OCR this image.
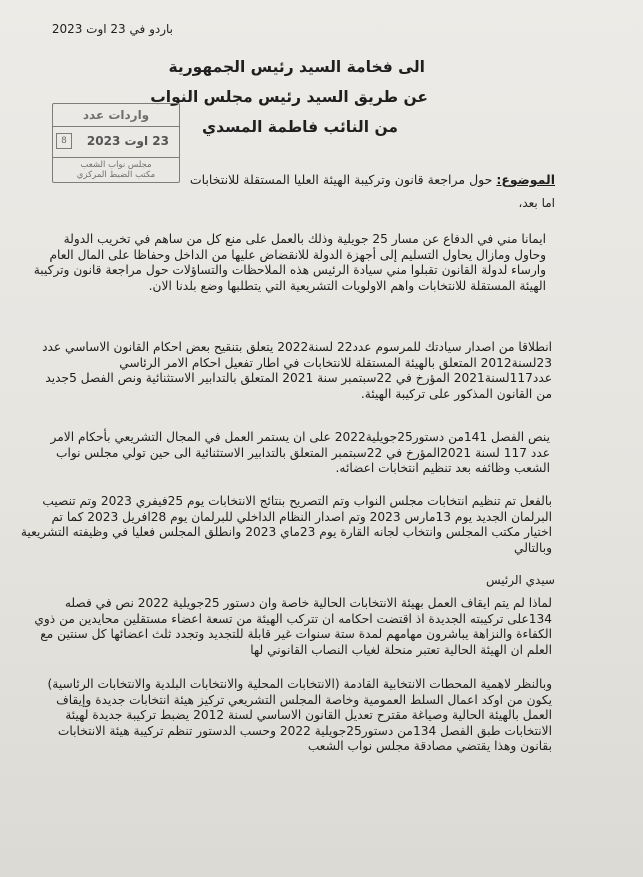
باردو في 23 اوت 2023
الى فخامة السيد رئيس الجمهورية
عن طريق السيد رئيس مجلس النواب
من النائب فاطمة المسدي
واردات عدد
23 اوت 2023
8
مجلس نواب الشعب
مكتب الضبط المركزي	الموضوع: حول مراجعة قانون وتركيبة الهيئة العليا المستقلة للانتخابات
اما بعد،
ايمانا مني في الدفاع عن مسار 25 جويلية وذلك بالعمل على منع كل من ساهم في تخريب الدولة
وحاول ومازال يحاول التسليم إلى أجهزة الدولة للانقضاض عليها من الداخل وحفاظا على المال العام
وارساء لدولة القانون تقبلوا مني سيادة الرئيس هذه الملاحظات والتساؤلات حول مراجعة قانون وتركيبة
الهيئة المستقلة للانتخابات واهم الاولويات التشريعية التي يتطلبها وضع بلدنا الان.
انطلاقا من اصدار سيادتك للمرسوم عدد22 لسنة2022 يتعلق بتنقيح بعض احكام القانون الاساسي عدد
23لسنة2012 المتعلق بالهيئة المستقلة للانتخابات في اطار تفعيل احكام الامر الرئاسي
عدد117لسنة2021 المؤرخ في 22سبتمبر سنة 2021 المتعلق بالتدابير الاستثنائية ونص الفصل 5جديد
من القانون المذكور على تركيبة الهيئة.
ينص الفصل 141من دستور25جويلية2022 على ان يستمر العمل في المجال التشريعي بأحكام الامر
عدد 117 لسنة 2021المؤرخ في 22سبتمبر المتعلق بالتدابير الاستثنائية الى حين تولي مجلس نواب
الشعب وظائفه بعد تنظيم انتخابات اعضائه.
بالفعل تم تنظيم انتخابات مجلس النواب وتم التصريح بنتائج الانتخابات يوم 25فيفري 2023 وتم تنصيب
البرلمان الجديد يوم 13مارس 2023 وتم اصدار النظام الداخلي للبرلمان يوم 28افريل 2023 كما تم
اختيار مكتب المجلس وانتخاب لجانه القارة يوم 23ماي 2023 وانطلق المجلس فعليا في وظيفته التشريعية
وبالتالي
سيدي الرئيس
لماذا لم يتم ايقاف العمل بهيئة الانتخابات الحالية خاصة وان دستور 25جويلية 2022 نص في فصله
134على تركيبته الجديدة اذ اقتضت احكامه ان تتركب الهيئة من تسعة اعضاء مستقلين محايدين من ذوي
الكفاءة والنزاهة يباشرون مهامهم لمدة ستة سنوات غير قابلة للتجديد وتجدد ثلث اعضائها كل سنتين مع
العلم ان الهيئة الحالية تعتبر منحلة لغياب النصاب القانوني لها
وبالنظر لاهمية المحطات الانتخابية القادمة (الانتخابات المحلية والانتخابات البلدية والانتخابات الرئاسية)
يكون من اوكد اعمال السلط العمومية وخاصة المجلس التشريعي تركيز هيئة انتخابات جديدة وإيقاف
العمل بالهيئة الحالية وصياغة مقترح تعديل القانون الاساسي لسنة 2012 يضبط تركيبة جديدة لهيئة
الانتخابات طبق الفصل 134من دستور25جويلية 2022 وحسب الدستور تنظم تركيبة هيئة الانتخابات
بقانون وهذا يقتضي مصادقة مجلس نواب الشعب
